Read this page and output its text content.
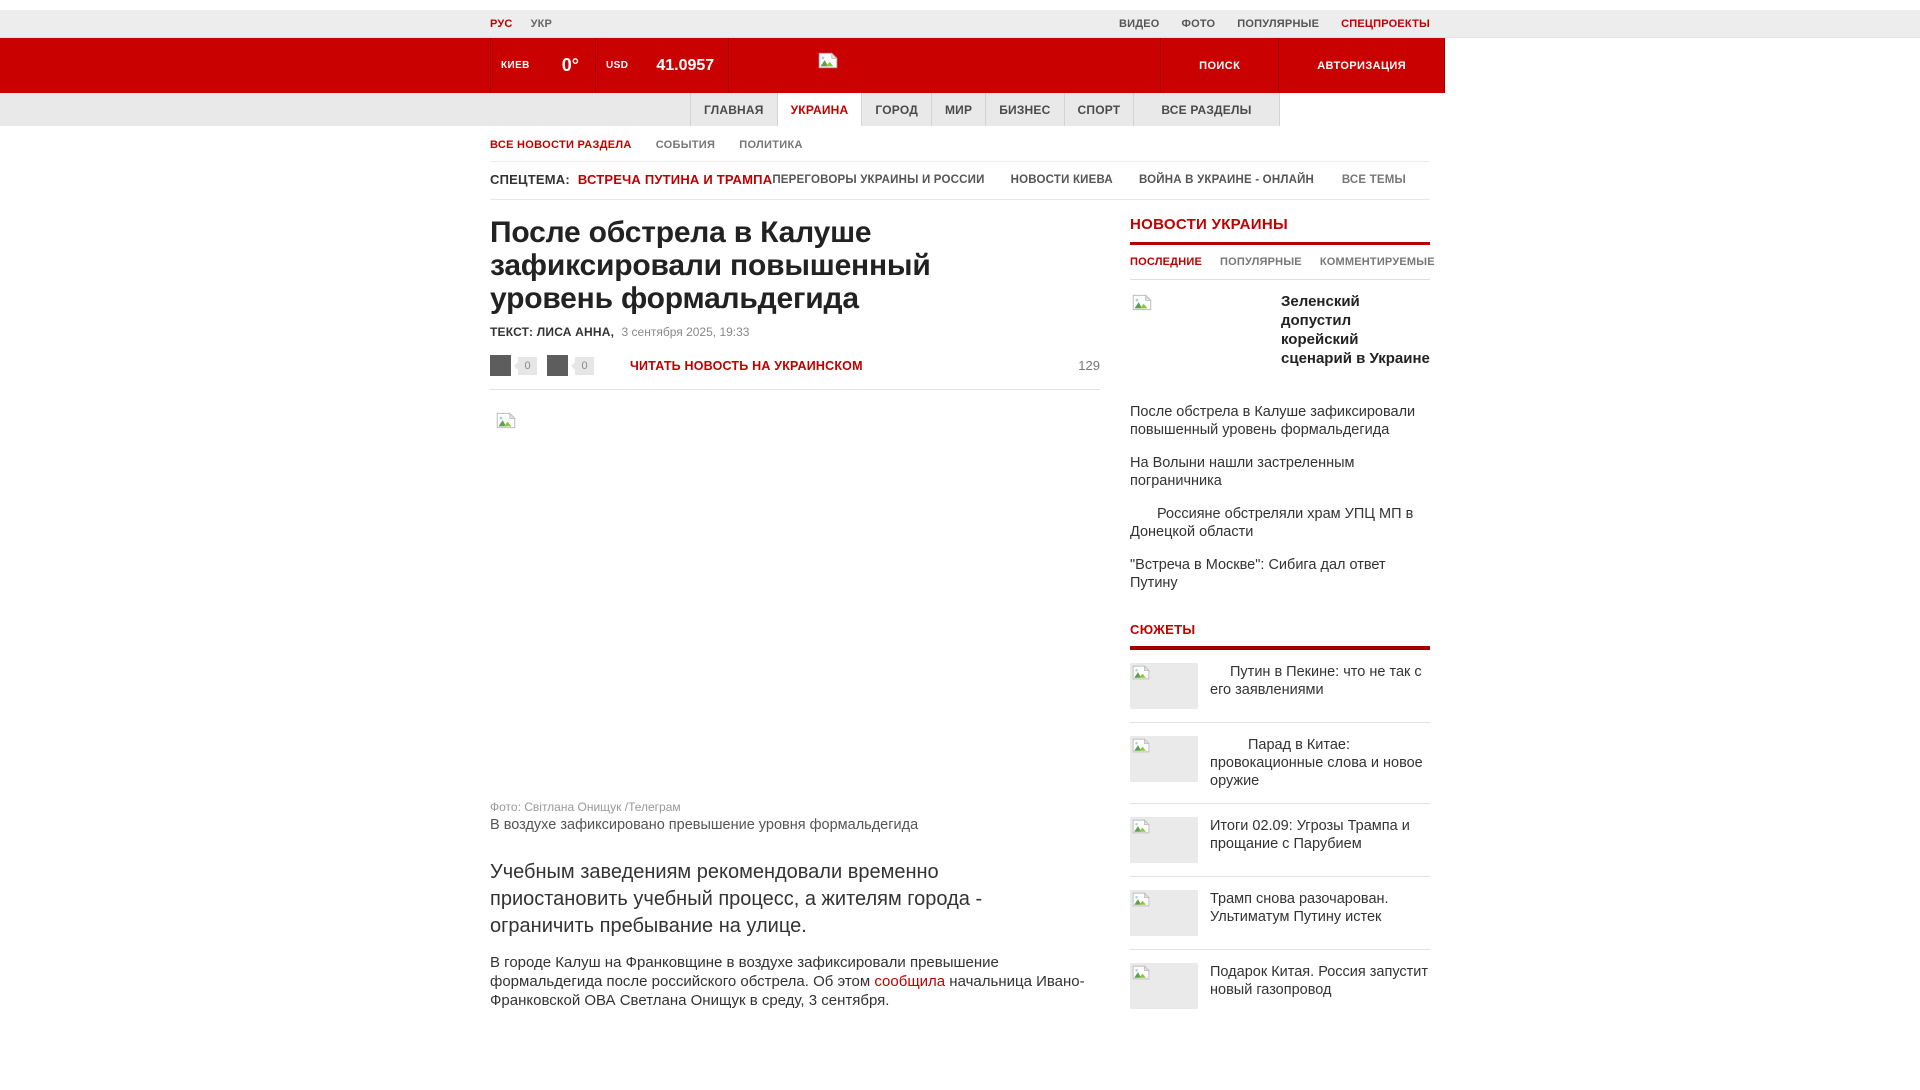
РУС УКР	ВИДЕО ФОТО ПОПУЛЯРНЫЕ СПЕЦПРОЕКТЫ
КИЕВ 0°	USD 41.0957	ПОИСК	АВТОРИЗАЦИЯ
ГЛАВНАЯ	УКРАИНА	ГОРОД	МИР	БИЗНЕС	СПОРТ	ВСЕ РАЗДЕЛЫ
ВСЕ НОВОСТИ РАЗДЕЛА СОБЫТИЯ ПОЛИТИКА
СПЕЦТЕМА: ВСТРЕЧА ПУТИНА И ТРАМПА ПЕРЕГОВОРЫ УКРАИНЫ И РОССИИ НОВОСТИ КИЕВА ВОЙНА В УКРАИНЕ - ОНЛАЙН ВСЕ ТЕМЫ
После обстрела в Калуше зафиксировали повышенный уровень формальдегида
ТЕКСТ: ЛИСА АННА, 3 сентября 2025, 19:33
0	0	ЧИТАТЬ НОВОСТЬ НА УКРАИНСКОМ	129
Фото: Світлана Онищук /Телеграм
В воздухе зафиксировано превышение уровня формальдегида

Учебным заведениям рекомендовали временно приостановить учебный процесс, а жителям города - ограничить пребывание на улице.

В городе Калуш на Франковщине в воздухе зафиксировали превышение формальдегида после российского обстрела. Об этом сообщила начальница Ивано-Франковской ОВА Светлана Онищук в среду, 3 сентября.

НОВОСТИ УКРАИНЫ
ПОСЛЕДНИЕ ПОПУЛЯРНЫЕ КОММЕНТИРУЕМЫЕ
Зеленский допустил корейский сценарий в Украине
После обстрела в Калуше зафиксировали повышенный уровень формальдегида
На Волыни нашли застреленным пограничника
Россияне обстреляли храм УПЦ МП в Донецкой области
"Встреча в Москве": Сибига дал ответ Путину
СЮЖЕТЫ
Путин в Пекине: что не так с его заявлениями
Парад в Китае: провокационные слова и новое оружие
Итоги 02.09: Угрозы Трампа и прощание с Парубием
Трамп снова разочарован. Ультиматум Путину истек
Подарок Китая. Россия запустит новый газопровод
